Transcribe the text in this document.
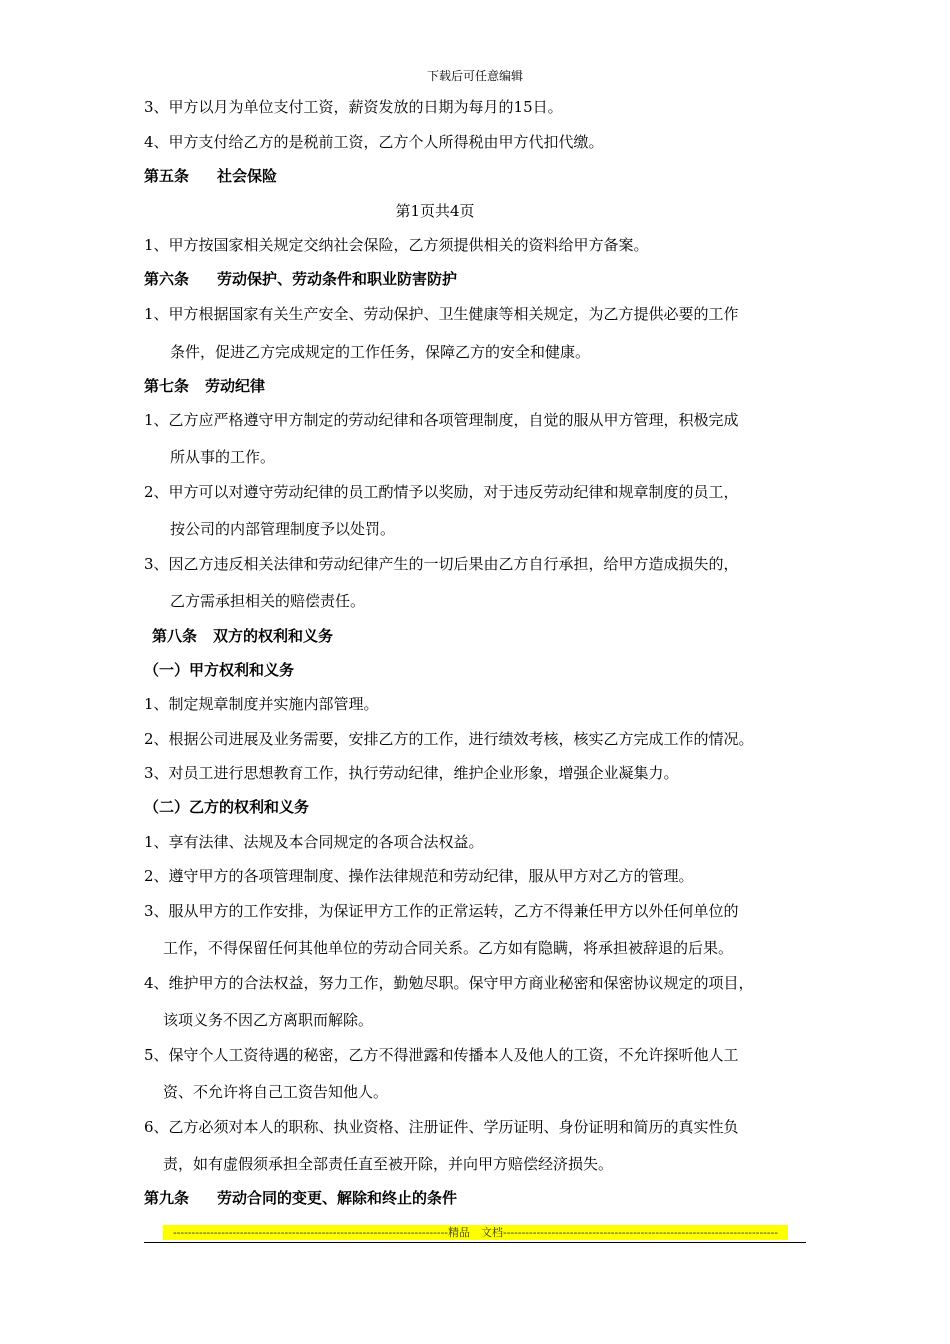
下载后可任意编辑
3、甲方以月为单位支付工资，薪资发放的日期为每月的15日。
4、甲方支付给乙方的是税前工资，乙方个人所得税由甲方代扣代缴。
第五条 社会保险
第1页共4页
1、甲方按国家相关规定交纳社会保险，乙方须提供相关的资料给甲方备案。
第六条 劳动保护、劳动条件和职业防害防护
1、甲方根据国家有关生产安全、劳动保护、卫生健康等相关规定，为乙方提供必要的工作
条件，促进乙方完成规定的工作任务，保障乙方的安全和健康。
第七条 劳动纪律
1、乙方应严格遵守甲方制定的劳动纪律和各项管理制度，自觉的服从甲方管理，积极完成
所从事的工作。
2、甲方可以对遵守劳动纪律的员工酌情予以奖励，对于违反劳动纪律和规章制度的员工，
按公司的内部管理制度予以处罚。
3、因乙方违反相关法律和劳动纪律产生的一切后果由乙方自行承担，给甲方造成损失的，
乙方需承担相关的赔偿责任。
第八条 双方的权利和义务
（一）甲方权利和义务
1、制定规章制度并实施内部管理。
2、根据公司进展及业务需要，安排乙方的工作，进行绩效考核，核实乙方完成工作的情况。
3、对员工进行思想教育工作，执行劳动纪律，维护企业形象，增强企业凝集力。
（二）乙方的权利和义务
1、享有法律、法规及本合同规定的各项合法权益。
2、遵守甲方的各项管理制度、操作法律规范和劳动纪律，服从甲方对乙方的管理。
3、服从甲方的工作安排，为保证甲方工作的正常运转，乙方不得兼任甲方以外任何单位的
工作，不得保留任何其他单位的劳动合同关系。乙方如有隐瞒，将承担被辞退的后果。
4、维护甲方的合法权益，努力工作，勤勉尽职。保守甲方商业秘密和保密协议规定的项目，
该项义务不因乙方离职而解除。
5、保守个人工资待遇的秘密，乙方不得泄露和传播本人及他人的工资，不允许探听他人工
资、不允许将自己工资告知他人。
6、乙方必须对本人的职称、执业资格、注册证件、学历证明、身份证明和简历的真实性负
责，如有虚假须承担全部责任直至被开除，并向甲方赔偿经济损失。
第九条 劳动合同的变更、解除和终止的条件
--------------------------------------------------------------------------精品　文档--------------------------------------------------------------------------
